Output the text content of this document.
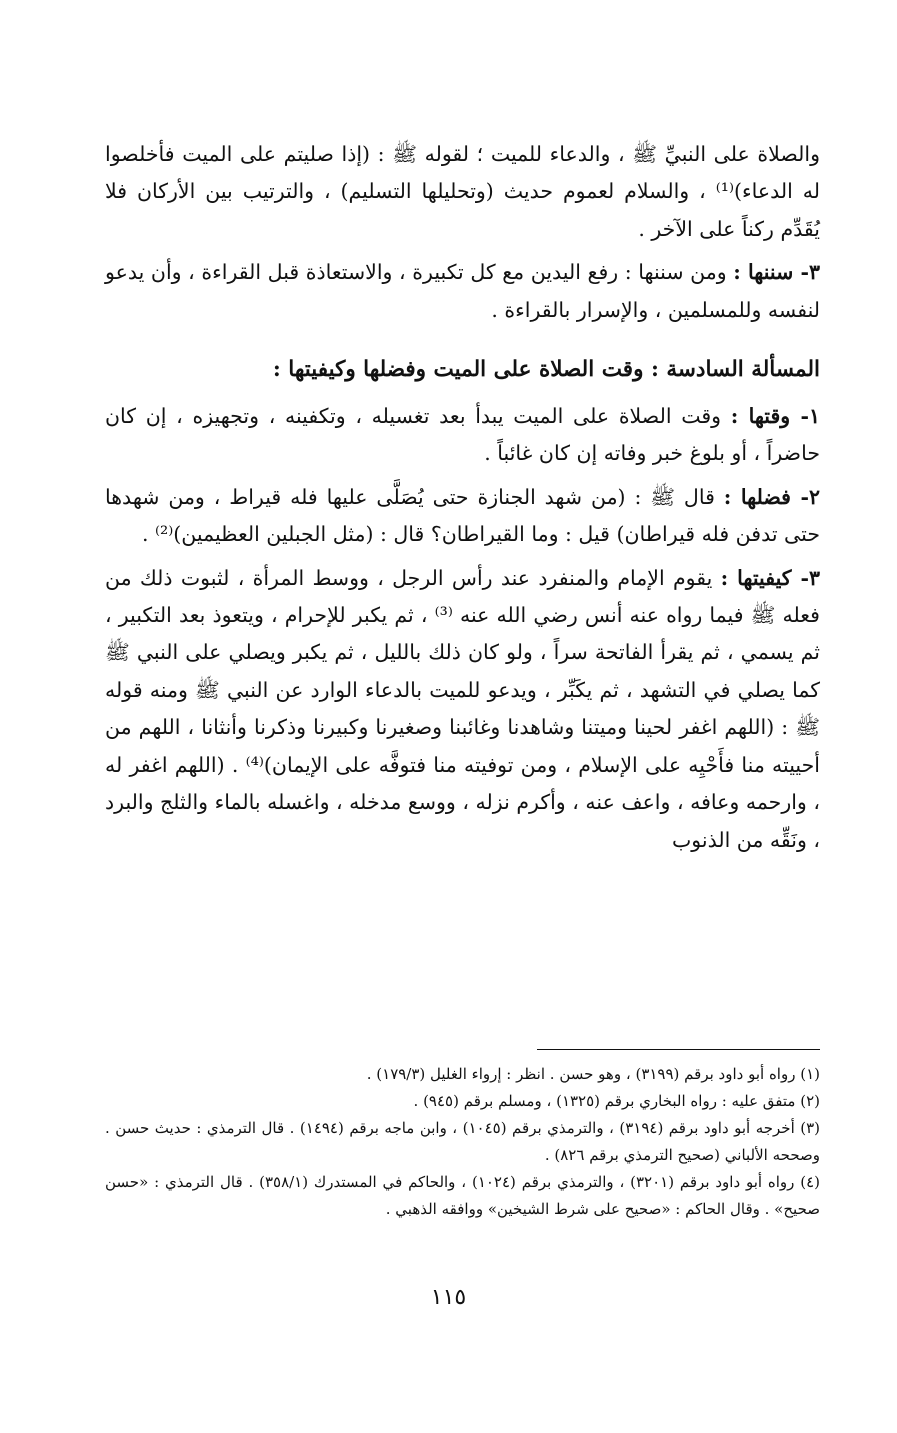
والصلاة على النبيِّ ﷺ ، والدعاء للميت ؛ لقوله ﷺ : (إذا صليتم على الميت فأخلصوا له الدعاء)⁽¹⁾ ، والسلام لعموم حديث (وتحليلها التسليم) ، والترتيب بين الأركان فلا يُقَدِّم ركناً على الآخر .

٣- سننها : ومن سننها : رفع اليدين مع كل تكبيرة ، والاستعاذة قبل القراءة ، وأن يدعو لنفسه وللمسلمين ، والإسرار بالقراءة .

المسألة السادسة : وقت الصلاة على الميت وفضلها وكيفيتها :

١- وقتها : وقت الصلاة على الميت يبدأ بعد تغسيله ، وتكفينه ، وتجهيزه ، إن كان حاضراً ، أو بلوغ خبر وفاته إن كان غائباً .

٢- فضلها : قال ﷺ : (من شهد الجنازة حتى يُصَلَّى عليها فله قيراط ، ومن شهدها حتى تدفن فله قيراطان) قيل : وما القيراطان؟ قال : (مثل الجبلين العظيمين)⁽²⁾ .

٣- كيفيتها : يقوم الإمام والمنفرد عند رأس الرجل ، ووسط المرأة ، لثبوت ذلك من فعله ﷺ فيما رواه عنه أنس رضي الله عنه ⁽³⁾ ، ثم يكبر للإحرام ، ويتعوذ بعد التكبير ، ثم يسمي ، ثم يقرأ الفاتحة سراً ، ولو كان ذلك بالليل ، ثم يكبر ويصلي على النبي ﷺ كما يصلي في التشهد ، ثم يكَبِّر ، ويدعو للميت بالدعاء الوارد عن النبي ﷺ ومنه قوله ﷺ : (اللهم اغفر لحينا وميتنا وشاهدنا وغائبنا وصغيرنا وكبيرنا وذكرنا وأنثانا ، اللهم من أحييته منا فأَحْيِه على الإسلام ، ومن توفيته منا فتوفَّه على الإيمان)⁽⁴⁾ . (اللهم اغفر له ، وارحمه وعافه ، واعف عنه ، وأكرم نزله ، ووسع مدخله ، واغسله بالماء والثلج والبرد ، ونَقِّه من الذنوب

(١) رواه أبو داود برقم (٣١٩٩) ، وهو حسن . انظر : إرواء الغليل (١٧٩/٣) .

(٢) متفق عليه : رواه البخاري برقم (١٣٢٥) ، ومسلم برقم (٩٤٥) .

(٣) أخرجه أبو داود برقم (٣١٩٤) ، والترمذي برقم (١٠٤٥) ، وابن ماجه برقم (١٤٩٤) . قال الترمذي : حديث حسن . وصححه الألباني (صحيح الترمذي برقم ٨٢٦) .

(٤) رواه أبو داود برقم (٣٢٠١) ، والترمذي برقم (١٠٢٤) ، والحاكم في المستدرك (٣٥٨/١) . قال الترمذي : «حسن صحيح» . وقال الحاكم : «صحيح على شرط الشيخين» ووافقه الذهبي .

١١٥
